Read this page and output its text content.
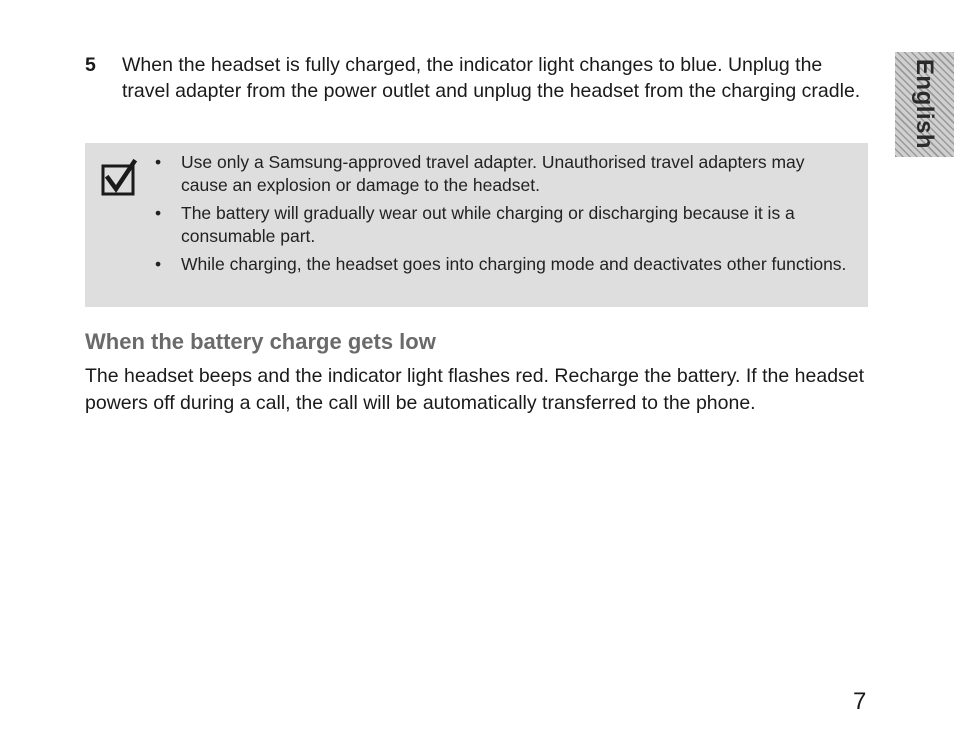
5 When the headset is fully charged, the indicator light changes to blue. Unplug the travel adapter from the power outlet and unplug the headset from the charging cradle.
• Use only a Samsung-approved travel adapter. Unauthorised travel adapters may cause an explosion or damage to the headset.
• The battery will gradually wear out while charging or discharging because it is a consumable part.
• While charging, the headset goes into charging mode and deactivates other functions.
When the battery charge gets low

The headset beeps and the indicator light flashes red. Recharge the battery. If the headset powers off during a call, the call will be automatically transferred to the phone.

English
7
